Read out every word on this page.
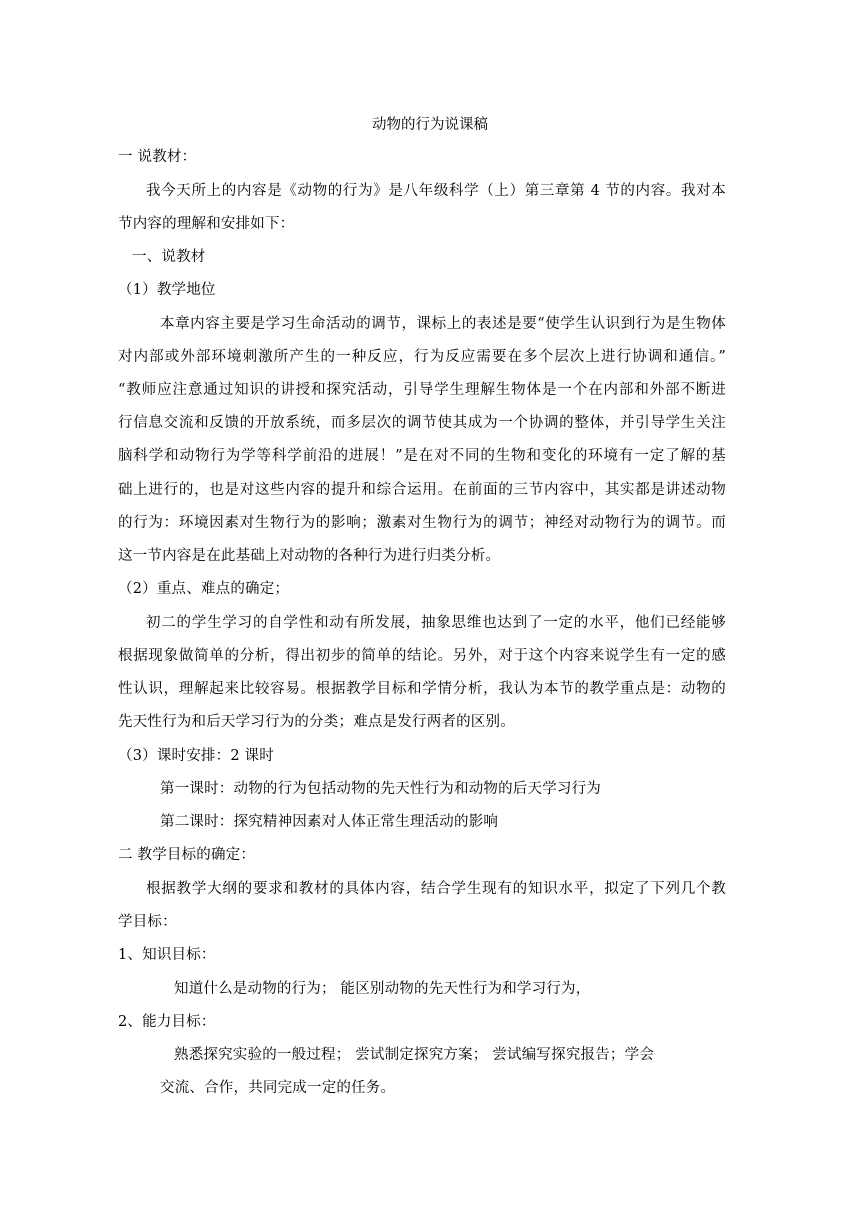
动物的行为说课稿
一 说教材：
我今天所上的内容是《动物的行为》是八年级科学（上）第三章第 4 节的内容。我对本
节内容的理解和安排如下：
一、说教材
（1）教学地位
本章内容主要是学习生命活动的调节，课标上的表述是要“使学生认识到行为是生物体
对内部或外部环境刺激所产生的一种反应，行为反应需要在多个层次上进行协调和通信。”
“教师应注意通过知识的讲授和探究活动，引导学生理解生物体是一个在内部和外部不断进
行信息交流和反馈的开放系统，而多层次的调节使其成为一个协调的整体，并引导学生关注
脑科学和动物行为学等科学前沿的进展！”是在对不同的生物和变化的环境有一定了解的基
础上进行的，也是对这些内容的提升和综合运用。在前面的三节内容中，其实都是讲述动物
的行为：环境因素对生物行为的影响；激素对生物行为的调节；神经对动物行为的调节。而
这一节内容是在此基础上对动物的各种行为进行归类分析。
（2）重点、难点的确定；
初二的学生学习的自学性和动有所发展，抽象思维也达到了一定的水平，他们已经能够
根据现象做简单的分析，得出初步的简单的结论。另外，对于这个内容来说学生有一定的感
性认识，理解起来比较容易。根据教学目标和学情分析，我认为本节的教学重点是：动物的
先天性行为和后天学习行为的分类；难点是发行两者的区别。
（3）课时安排：2 课时
第一课时：动物的行为包括动物的先天性行为和动物的后天学习行为
第二课时：探究精神因素对人体正常生理活动的影响
二 教学目标的确定：
根据教学大纲的要求和教材的具体内容，结合学生现有的知识水平，拟定了下列几个教
学目标：
1、知识目标：
知道什么是动物的行为； 能区别动物的先天性行为和学习行为，
2、能力目标：
熟悉探究实验的一般过程； 尝试制定探究方案； 尝试编写探究报告；学会
交流、合作，共同完成一定的任务。
